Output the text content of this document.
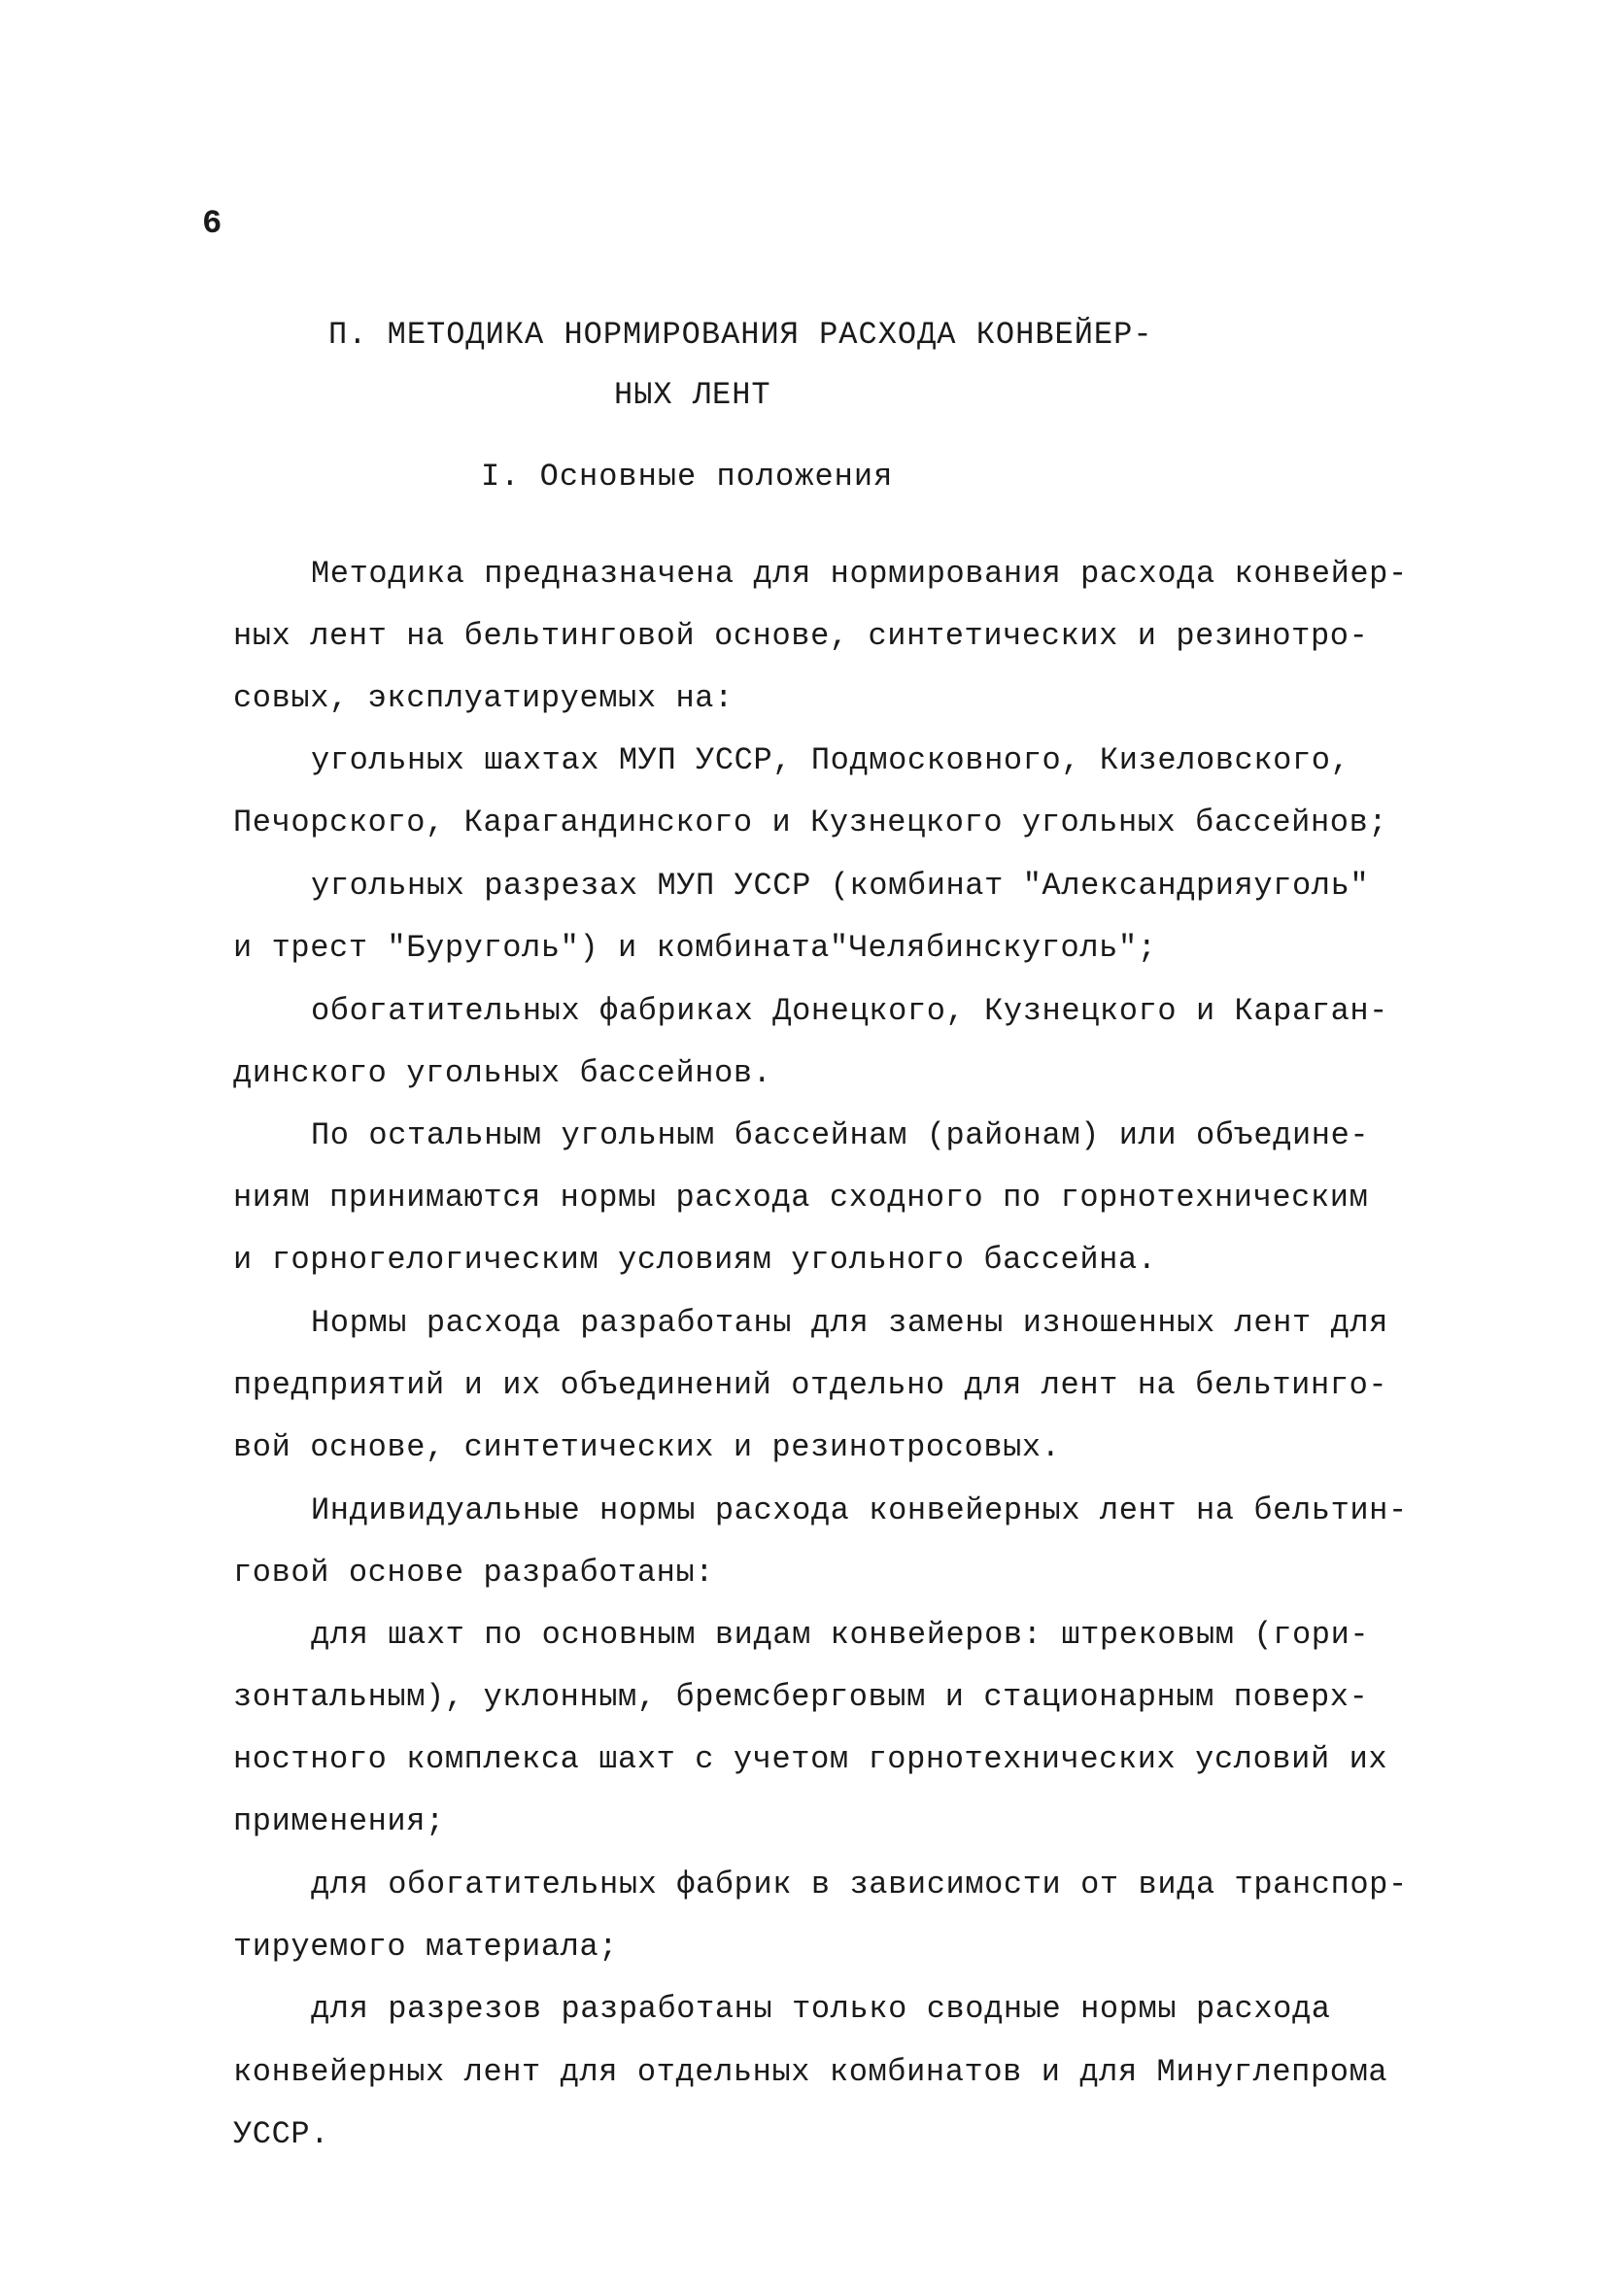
6
П. МЕТОДИКА НОРМИРОВАНИЯ РАСХОДА КОНВЕЙЕР-
НЫХ ЛЕНТ
I. Основные положения
Методика предназначена для нормирования расхода конвейер-
ных лент на бельтинговой основе, синтетических и резинотро-
совых, эксплуатируемых на:
угольных шахтах МУП УССР, Подмосковного, Кизеловского,
Печорского, Карагандинского и Кузнецкого угольных бассейнов;
угольных разрезах МУП УССР (комбинат "Александрияуголь"
и трест "Буруголь") и комбината"Челябинскуголь";
обогатительных фабриках Донецкого, Кузнецкого и Караган-
динского угольных бассейнов.
По остальным угольным бассейнам (районам) или объедине-
ниям принимаются нормы расхода сходного по горнотехническим
и горногелогическим условиям угольного бассейна.
Нормы расхода разработаны для замены изношенных лент для
предприятий и их объединений отдельно для лент на бельтинго-
вой основе, синтетических и резинотросовых.
Индивидуальные нормы расхода конвейерных лент на бельтин-
говой основе разработаны:
для шахт по основным видам конвейеров: штрековым (гори-
зонтальным), уклонным, бремсберговым и стационарным поверх-
ностного комплекса шахт с учетом горнотехнических условий их
применения;
для обогатительных фабрик в зависимости от вида транспор-
тируемого материала;
для разрезов разработаны только сводные нормы расхода
конвейерных лент для отдельных комбинатов и для Минуглепрома
УССР.
